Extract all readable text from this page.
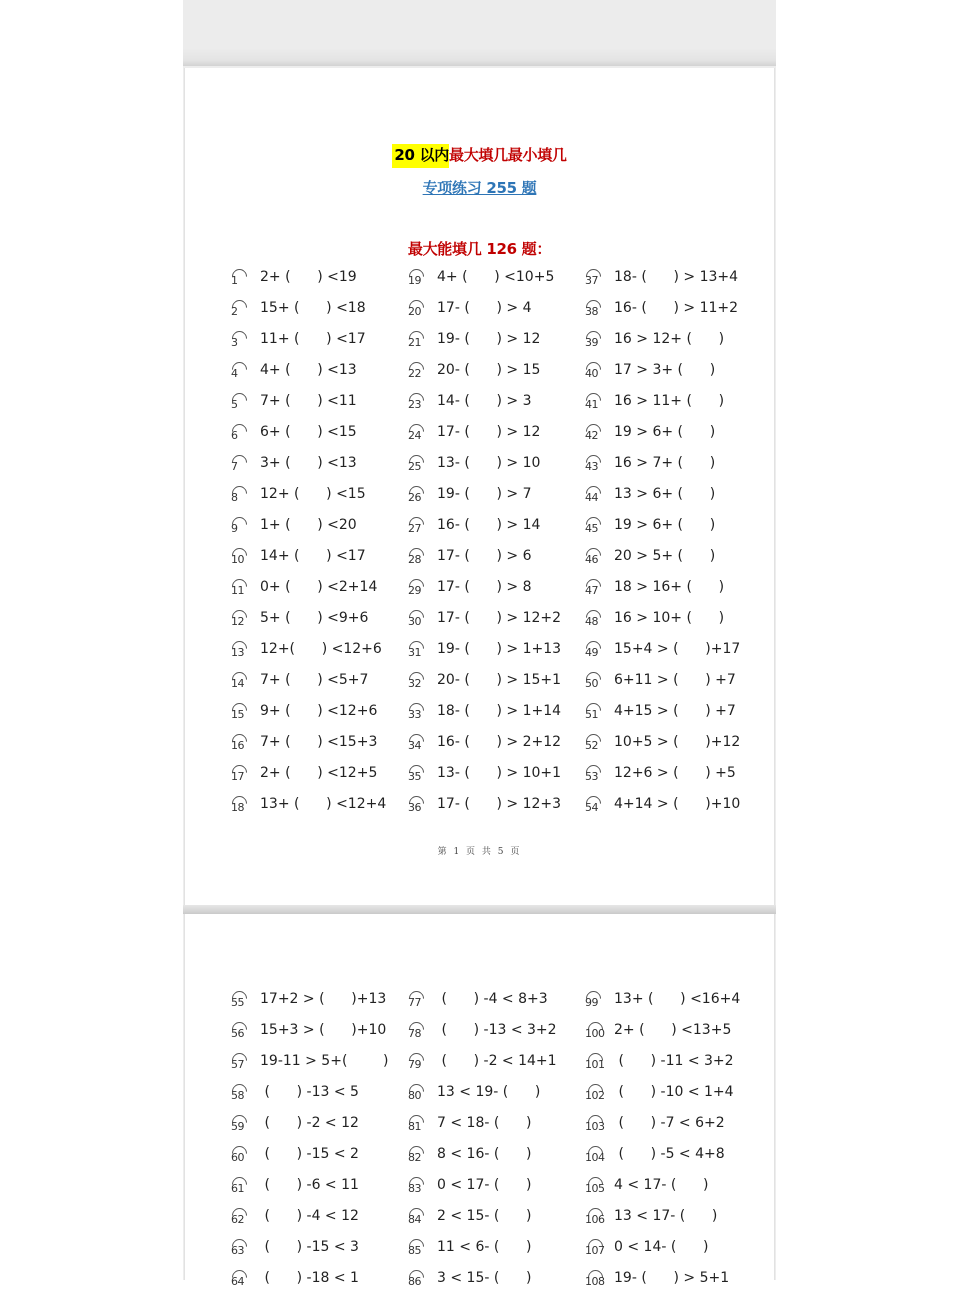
20 以内最大填几最小填几
专项练习 255 题
最大能填几 126 题：
1	2+ (      ) <19
2	15+ (      ) <18
3	11+ (      ) <17
4	4+ (      ) <13
5	7+ (      ) <11
6	6+ (      ) <15
7	3+ (      ) <13
8	12+ (      ) <15
9	1+ (      ) <20
10	14+ (      ) <17
11	0+ (      ) <2+14
12	5+ (      ) <9+6
13	12+(      ) <12+6
14	7+ (      ) <5+7
15	9+ (      ) <12+6
16	7+ (      ) <15+3
17	2+ (      ) <12+5
18	13+ (      ) <12+4
19	4+ (      ) <10+5
20	17- (      ) > 4
21	19- (      ) > 12
22	20- (      ) > 15
23	14- (      ) > 3
24	17- (      ) > 12
25	13- (      ) > 10
26	19- (      ) > 7
27	16- (      ) > 14
28	17- (      ) > 6
29	17- (      ) > 8
30	17- (      ) > 12+2
31	19- (      ) > 1+13
32	20- (      ) > 15+1
33	18- (      ) > 1+14
34	16- (      ) > 2+12
35	13- (      ) > 10+1
36	17- (      ) > 12+3
37	18- (      ) > 13+4
38	16- (      ) > 11+2
39	16 > 12+ (      )
40	17 > 3+ (      )
41	16 > 11+ (      )
42	19 > 6+ (      )
43	16 > 7+ (      )
44	13 > 6+ (      )
45	19 > 6+ (      )
46	20 > 5+ (      )
47	18 > 16+ (      )
48	16 > 10+ (      )
49	15+4 > (      )+17
50	6+11 > (      ) +7
51	4+15 > (      ) +7
52	10+5 > (      )+12
53	12+6 > (      ) +5
54	4+14 > (      )+10
第 1 页 共 5 页
55	17+2 > (      )+13
56	15+3 > (      )+10
57	19-11 > 5+(        )
58	(      ) -13 < 5
59	(      ) -2 < 12
60	(      ) -15 < 2
61	(      ) -6 < 11
62	(      ) -4 < 12
63	(      ) -15 < 3
64	(      ) -18 < 1
77	(      ) -4 < 8+3
78	(      ) -13 < 3+2
79	(      ) -2 < 14+1
80	13 < 19- (      )
81	7 < 18- (      )
82	8 < 16- (      )
83	0 < 17- (      )
84	2 < 15- (      )
85	11 < 6- (      )
86	3 < 15- (      )
99	13+ (      ) <16+4
100 2+ (      ) <13+5
101 (      ) -11 < 3+2
102 (      ) -10 < 1+4
103 (      ) -7 < 6+2
104 (      ) -5 < 4+8
105 4 < 17- (      )
106 13 < 17- (      )
107 0 < 14- (      )
108 19- (      ) > 5+1
